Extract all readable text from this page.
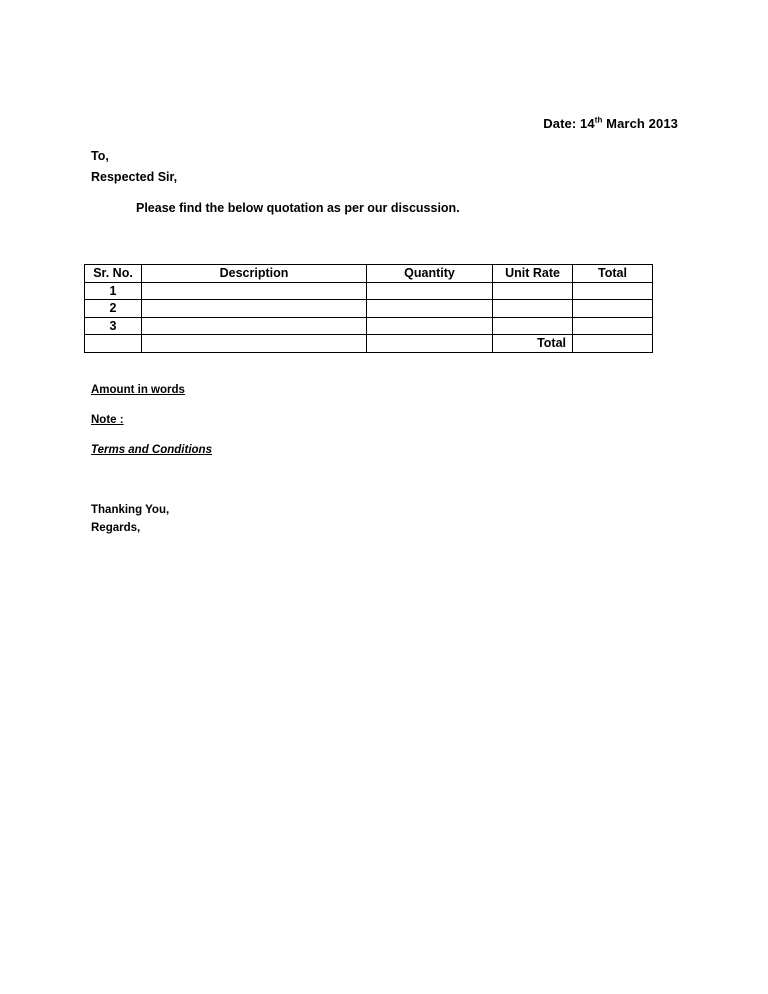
Date: 14th March 2013
To,
Respected Sir,
Please find the below quotation as per our discussion.
Sr. No.	Description	Quantity	Unit Rate	Total
1				
2				
3				
			Total	
Amount in words
Note :
Terms and Conditions
Thanking You,
Regards,
